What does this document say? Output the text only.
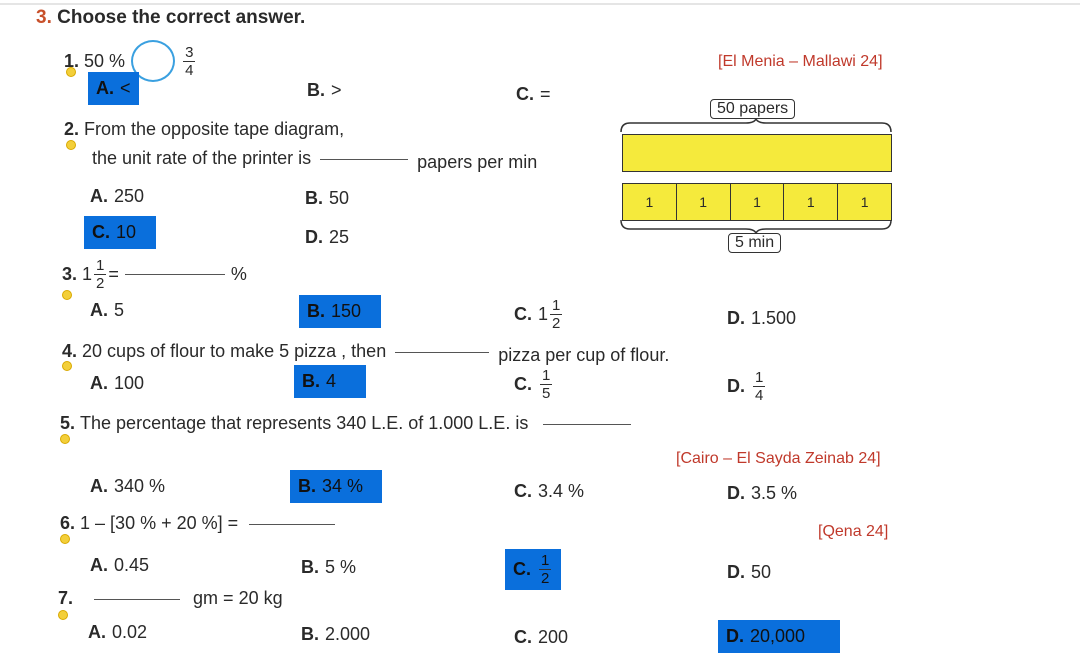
3. Choose the correct answer.
1.
50 %	$\frac{3}{4}$	[El Menia – Mallawi 24]
A. <	B. >	C. =
2. From the opposite tape diagram,
the unit rate of the printer is	papers per min
A. 250	B. 50
C. 10	D. 25
50 papers
1	1	1	1	1
5 min
3.
$1 \frac{1}{2}$ =	%
A. 5	B. 150	C. $1 \frac{1}{2}$	D. 1.500
4. 20 cups of flour to make 5 pizza , then	pizza per cup of flour.
A. 100	B. 4	C. $\frac{1}{5}$	D. $\frac{1}{4}$
5. The percentage that represents 340 L.E. of 1.000 L.E. is
[Cairo – El Sayda Zeinab 24]
A. 340 %	B. 34 %	C. 3.4 %	D. 3.5 %
6. 1 – [30 % + 20 %] =	[Qena 24]
A. 0.45	B. 5 %	C. $\frac{1}{2}$	D. 50
7.	gm = 20 kg
A. 0.02	B. 2.000	C. 200	D. 20,000
